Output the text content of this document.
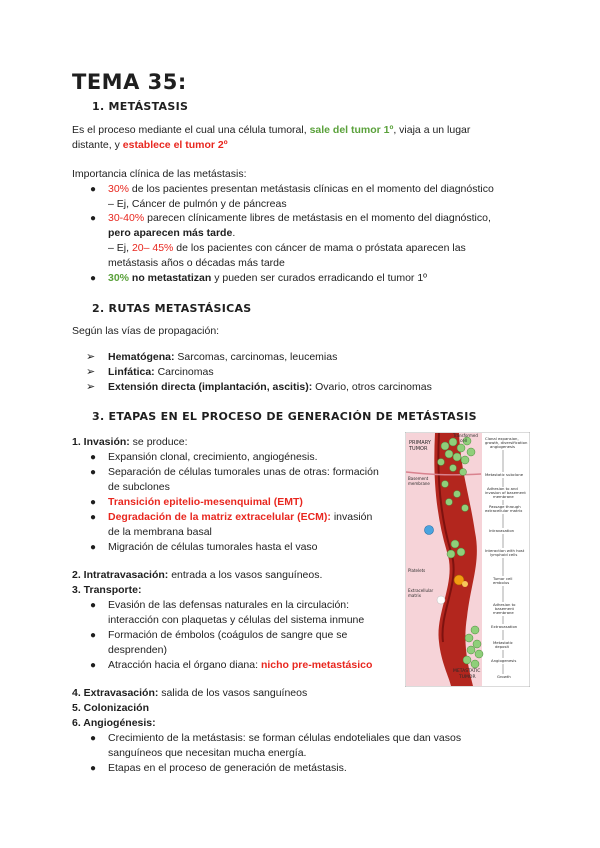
TEMA 35:
1. METÁSTASIS
Es el proceso mediante el cual una célula tumoral, sale del tumor 1º, viaja a un lugar
distante, y establece el tumor 2º
Importancia clínica de las metástasis:
● 30% de los pacientes presentan metástasis clínicas en el momento del diagnóstico
– Ej, Cáncer de pulmón y de páncreas
● 30-40% parecen clínicamente libres de metástasis en el momento del diagnóstico,
pero aparecen más tarde.
– Ej, 20– 45% de los pacientes con cáncer de mama o próstata aparecen las
metástasis años o décadas más tarde
● 30% no metastatizan y pueden ser curados erradicando el tumor 1º
2. RUTAS METASTÁSICAS
Según las vías de propagación:
➢ Hematógena: Sarcomas, carcinomas, leucemias
➢ Linfática: Carcinomas
➢ Extensión directa (implantación, ascitis): Ovario, otros carcinomas
3. ETAPAS EN EL PROCESO DE GENERACIÓN DE METÁSTASIS
1. Invasión: se produce:
● Expansión clonal, crecimiento, angiogénesis.
● Separación de células tumorales unas de otras: formación
de subclones
● Transición epitelio-mesenquimal (EMT)
● Degradación de la matriz extracelular (ECM): invasión
de la membrana basal
● Migración de células tumorales hasta el vaso
2. Intratravasación: entrada a los vasos sanguíneos.
3. Transporte:
● Evasión de las defensas naturales en la circulación:
interacción con plaquetas y células del sistema inmune
● Formación de émbolos (coágulos de sangre que se
desprenden)
● Atracción hacia el órgano diana: nicho pre-metastásico
4. Extravasación: salida de los vasos sanguíneos
5. Colonización
6. Angiogénesis:
● Crecimiento de la metástasis: se forman células endoteliales que dan vasos
sanguíneos que necesitan mucha energía.
● Etapas en el proceso de generación de metástasis.
PRIMARY
TUMOR
Transformed
cell
Basement
membrane
Platelets
Extracellular
matrix
METASTATIC
TUMOR
Clonal expansion,
growth, diversification
angiogenesis
Metastatic subclone
Adhesion to and
invasion of basement
membrane
Passage through
extracellular matrix
Intravasation
Interaction with host
lymphoid cells
Tumor cell
embolus
Adhesion to
basement
membrane
Extravasation
Metastatic
deposit
Angiogenesis
Growth
